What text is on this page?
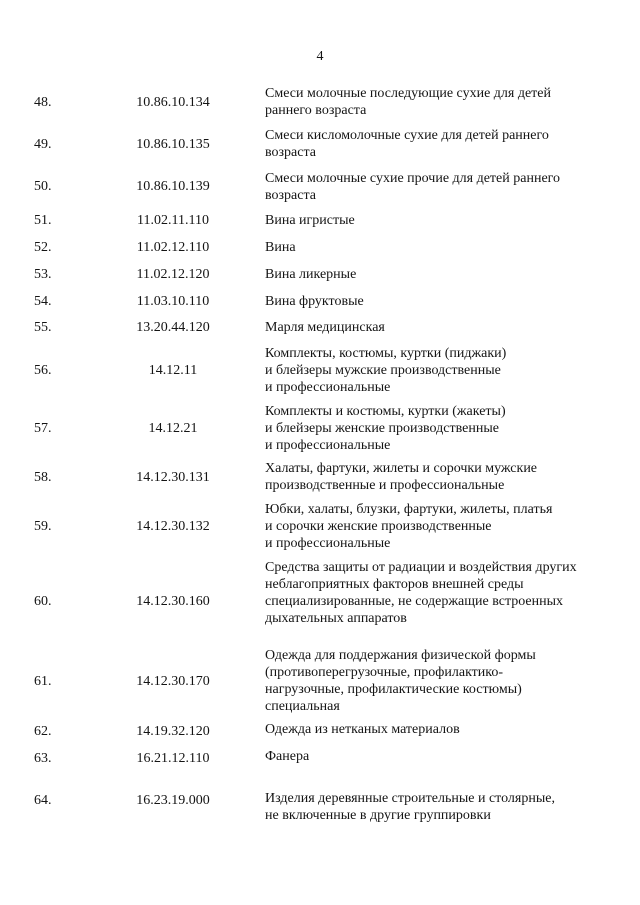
4
48.	10.86.10.134
Смеси молочные последующие сухие для детей
раннего возраста
49.	10.86.10.135
Смеси кисломолочные сухие для детей раннего
возраста
50.	10.86.10.139
Смеси молочные сухие прочие для детей раннего
возраста
51.	11.02.11.110	Вина игристые
52.	11.02.12.110	Вина
53.	11.02.12.120	Вина ликерные
54.	11.03.10.110	Вина фруктовые
55.	13.20.44.120	Марля медицинская
56.	14.12.11
Комплекты, костюмы, куртки (пиджаки)
и блейзеры мужские производственные
и профессиональные
57.	14.12.21
Комплекты и костюмы, куртки (жакеты)
и блейзеры женские производственные
и профессиональные
58.	14.12.30.131
Халаты, фартуки, жилеты и сорочки мужские
производственные и профессиональные
59.	14.12.30.132
Юбки, халаты, блузки, фартуки, жилеты, платья
и сорочки женские производственные
и профессиональные
60.	14.12.30.160
Средства защиты от радиации и воздействия других
неблагоприятных факторов внешней среды
специализированные, не содержащие встроенных
дыхательных аппаратов
61.	14.12.30.170
Одежда для поддержания физической формы
(противоперегрузочные, профилактико-
нагрузочные, профилактические костюмы)
специальная
62.	14.19.32.120	Одежда из нетканых материалов
63.	16.21.12.110	Фанера
64.	16.23.19.000	Изделия деревянные строительные и столярные,
не включенные в другие группировки
